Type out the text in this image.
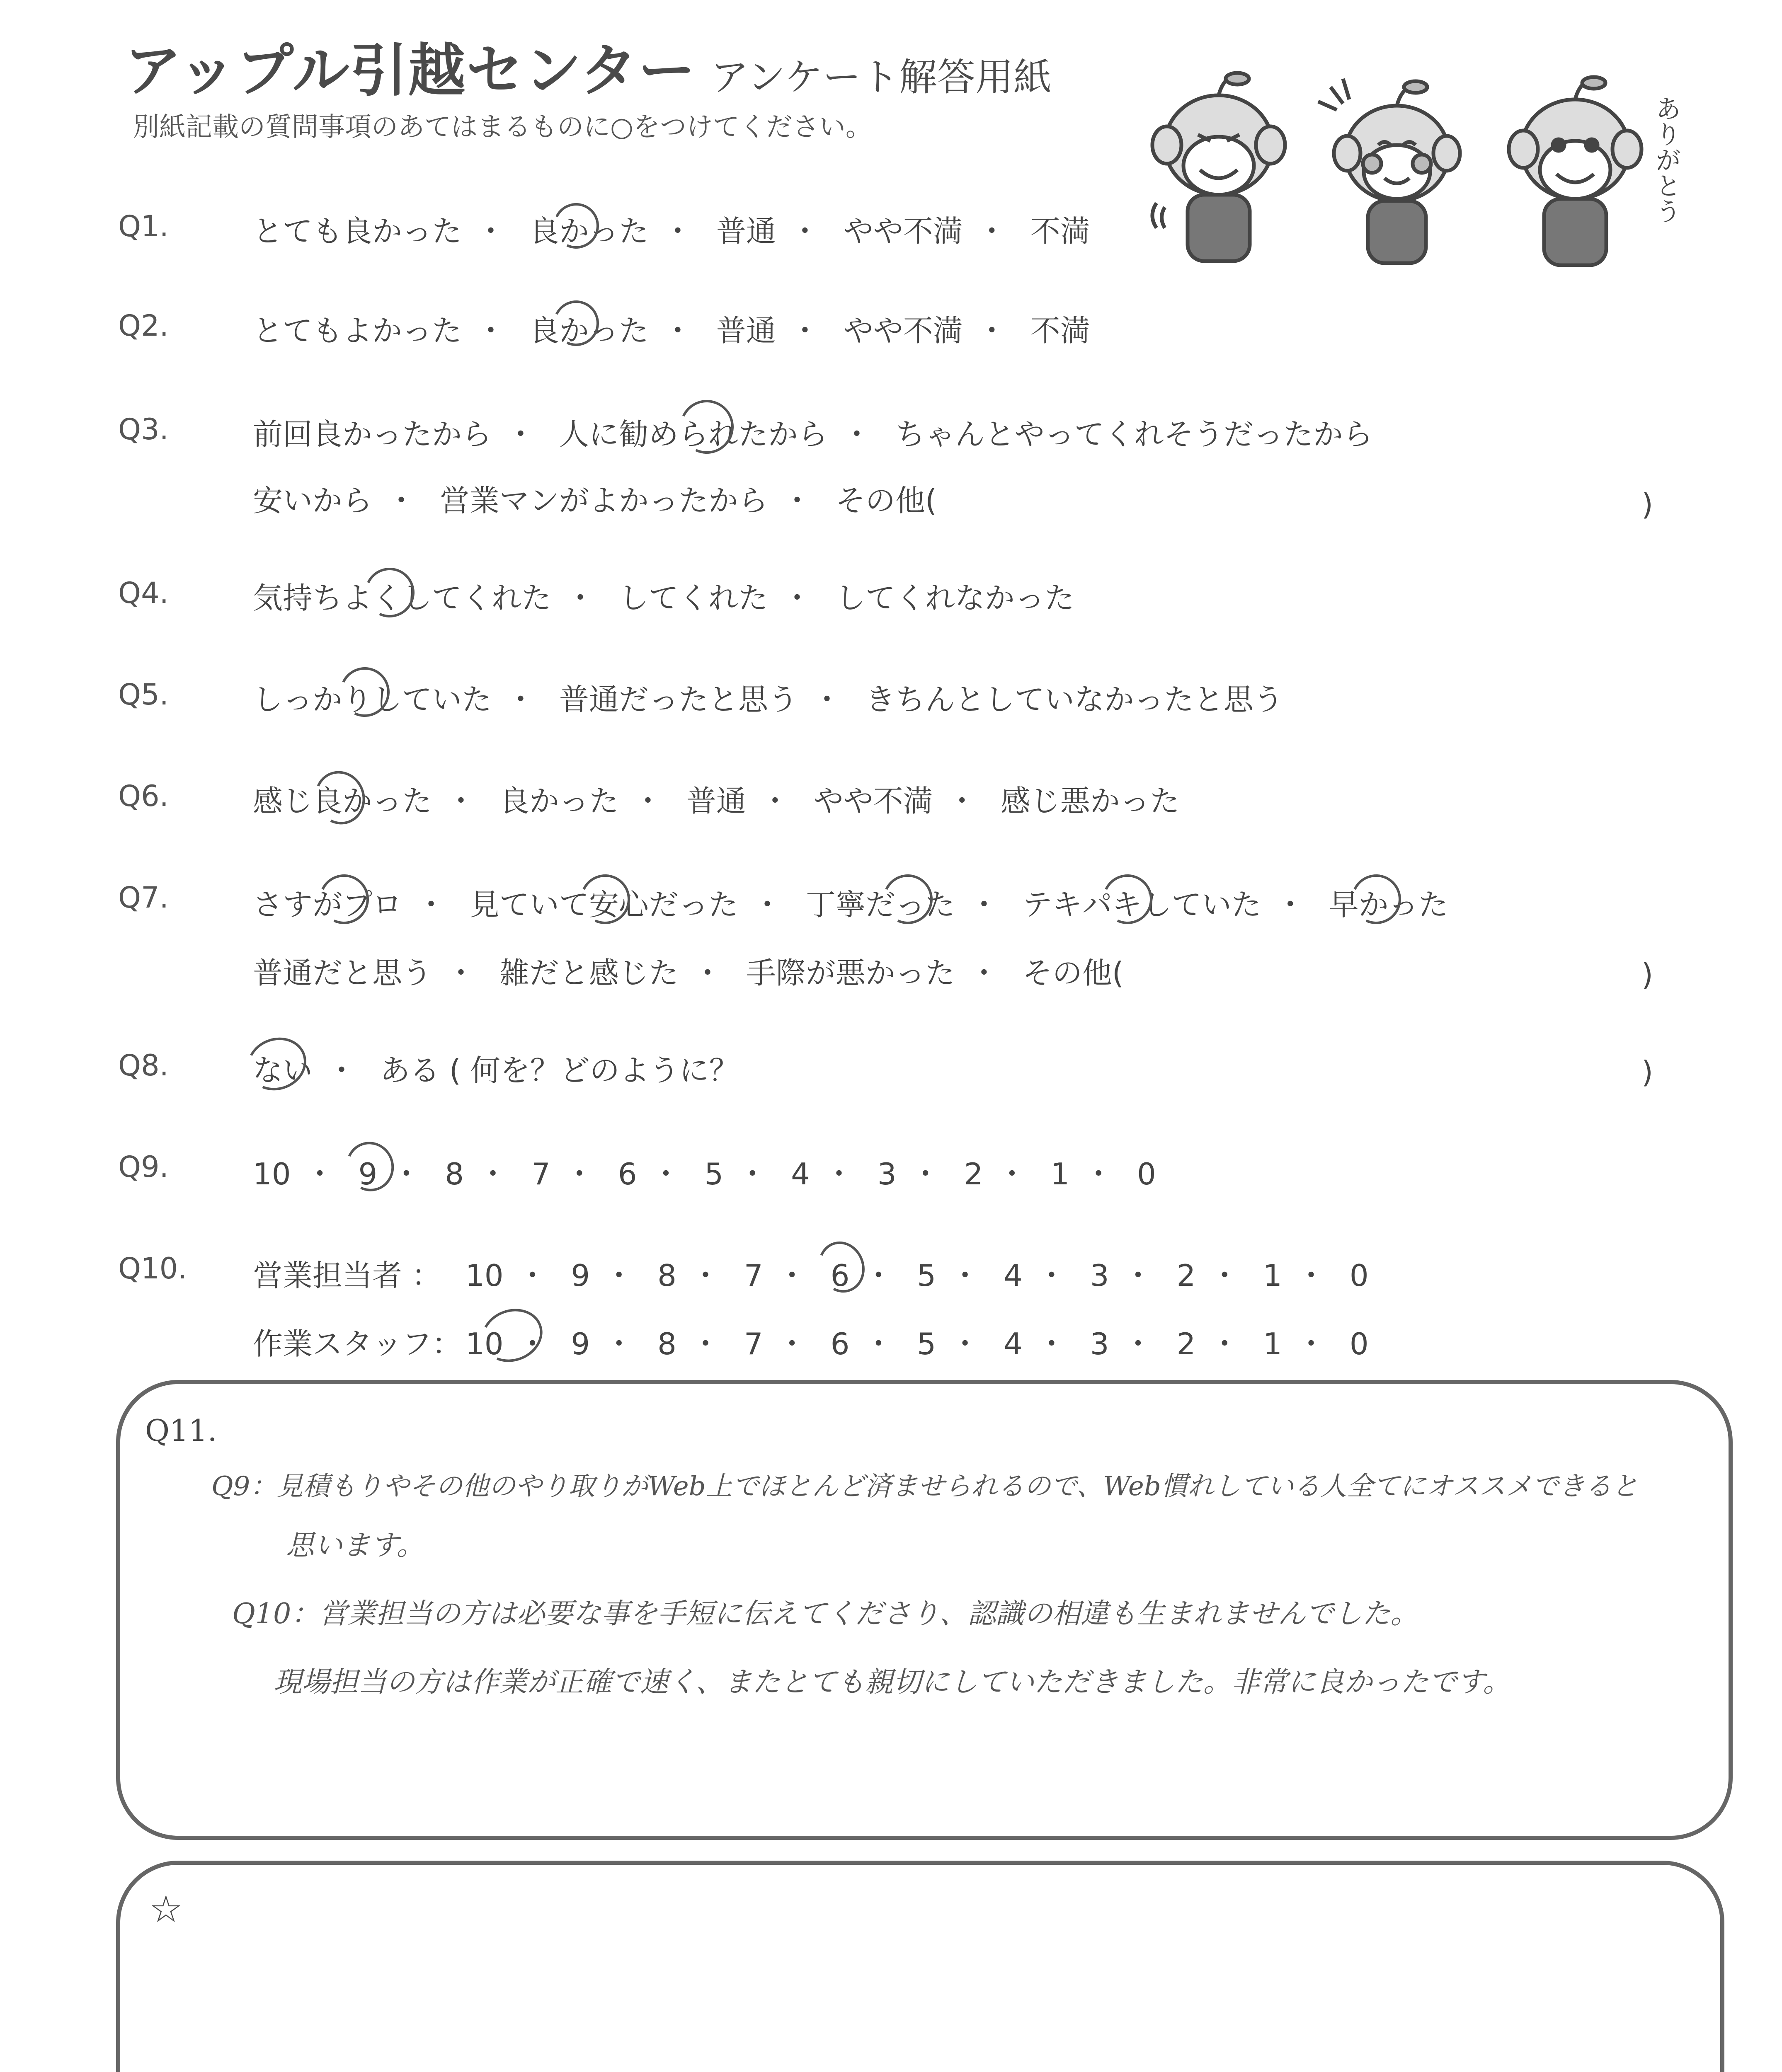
アップル引越センター アンケート解答用紙
別紙記載の質問事項のあてはまるものに○をつけてください。	ありがとう
Q1.	とても良かった ・ 良かった ・ 普通 ・ やや不満 ・ 不満
Q2.	とてもよかった ・ 良かった ・ 普通 ・ やや不満 ・ 不満
Q3.	前回良かったから ・ 人に勧められたから ・ ちゃんとやってくれそうだったから
安いから ・ 営業マンがよかったから ・ その他(	)
Q4.	気持ちよくしてくれた ・ してくれた ・ してくれなかった
Q5.	しっかりしていた ・ 普通だったと思う ・ きちんとしていなかったと思う
Q6.	感じ良かった ・ 良かった ・ 普通 ・ やや不満 ・ 感じ悪かった
Q7.	さすがプロ ・ 見ていて安心だった ・ 丁寧だった ・ テキパキしていた ・ 早かった
普通だと思う ・ 雑だと感じた ・ 手際が悪かった ・ その他(	)
Q8.	ない ・ ある ( 何を？どのように？	)
Q9.	10 ・ 9 ・ 8 ・ 7 ・ 6 ・ 5 ・ 4 ・ 3 ・ 2 ・ 1 ・ 0
Q10. 営業担当者 ： 10 ・ 9 ・ 8 ・ 7 ・ 6 ・ 5 ・ 4 ・ 3 ・ 2 ・ 1 ・ 0
作業スタッフ： 10 ・ 9 ・ 8 ・ 7 ・ 6 ・ 5 ・ 4 ・ 3 ・ 2 ・ 1 ・ 0
Q11.
Q9：見積もりやその他のやり取りがWeb上でほとんど済ませられるので、Web慣れしている人全てにオススメできると
思います。
Q10：営業担当の方は必要な事を手短に伝えてくださり、認識の相違も生まれませんでした。
現場担当の方は作業が正確で速く、またとても親切にしていただきました。非常に良かったです。
☆
